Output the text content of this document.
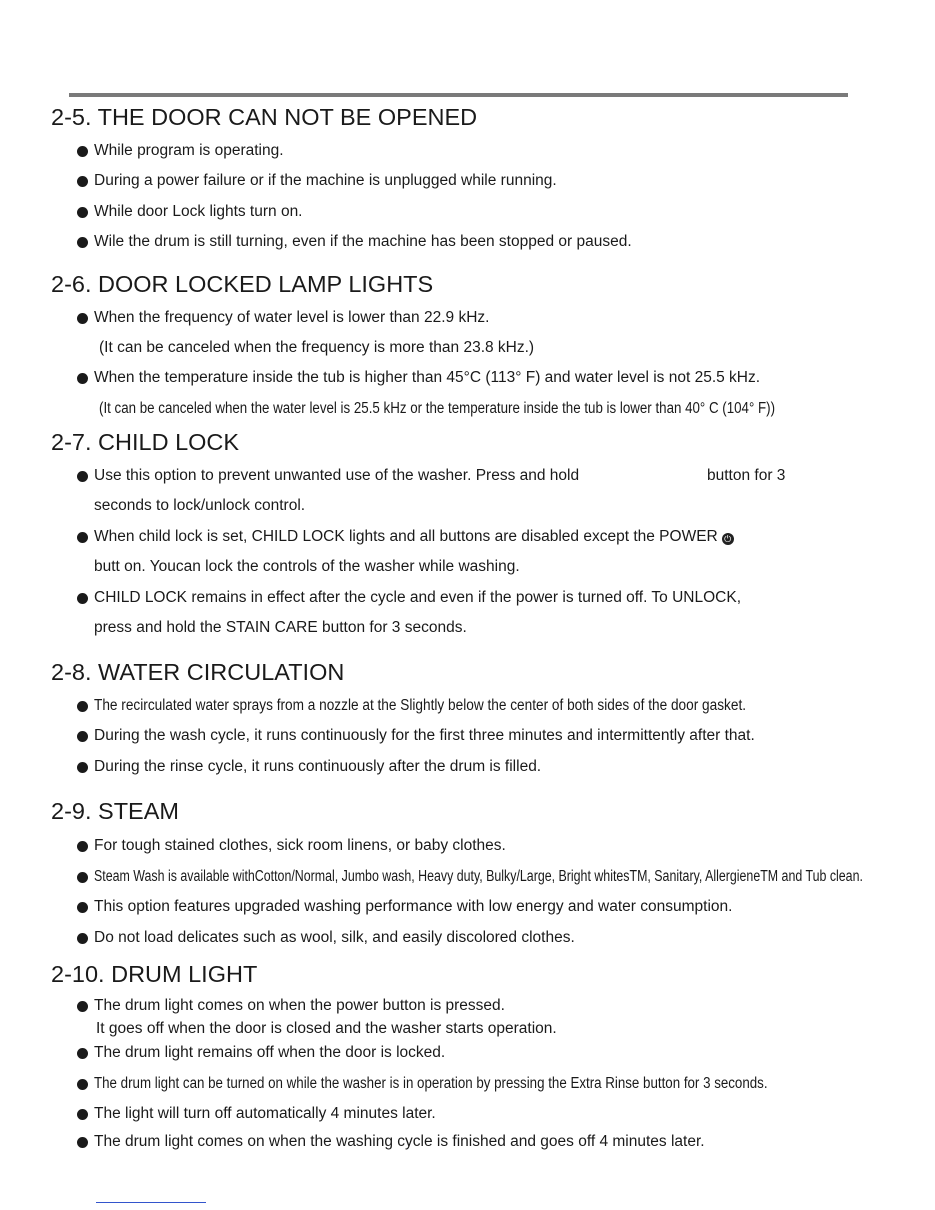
2-5. THE DOOR CAN NOT BE OPENED
While program is operating.
During a power failure or if the machine is unplugged while running.
While door Lock lights turn on.
Wile the drum is still turning, even if the machine has been stopped or paused.
2-6. DOOR LOCKED LAMP LIGHTS
When the frequency of water level is lower than 22.9 kHz.
(It can be canceled when the frequency is more than 23.8 kHz.)
When the temperature inside the tub is higher than 45°C (113° F) and water level is not 25.5 kHz.
(It can be canceled when the water level is 25.5 kHz or the temperature inside the tub is lower than 40° C (104° F))
2-7. CHILD LOCK
Use this option to prevent unwanted use of the washer. Press and hold	button for 3
seconds to lock/unlock control.
When child lock is set, CHILD LOCK lights and all buttons are disabled except the POWER ⏻
butt on. Youcan lock the controls of the washer while washing.
CHILD LOCK remains in effect after the cycle and even if the power is turned off. To UNLOCK,
press and hold the STAIN CARE button for 3 seconds.
2-8. WATER CIRCULATION
The recirculated water sprays from a nozzle at the Slightly below the center of both sides of the door gasket.
During the wash cycle, it runs continuously for the first three minutes and intermittently after that.
During the rinse cycle, it runs continuously after the drum is filled.
2-9. STEAM
For tough stained clothes, sick room linens, or baby clothes.
Steam Wash is available withCotton/Normal, Jumbo wash, Heavy duty, Bulky/Large, Bright whitesTM, Sanitary, AllergieneTM and Tub clean.
This option features upgraded washing performance with low energy and water consumption.
Do not load delicates such as wool, silk, and easily discolored clothes.
2-10. DRUM LIGHT
The drum light comes on when the power button is pressed.
It goes off when the door is closed and the washer starts operation.
The drum light remains off when the door is locked.
The drum light can be turned on while the washer is in operation by pressing the Extra Rinse button for 3 seconds.
The light will turn off automatically 4 minutes later.
The drum light comes on when the washing cycle is finished and goes off 4 minutes later.
